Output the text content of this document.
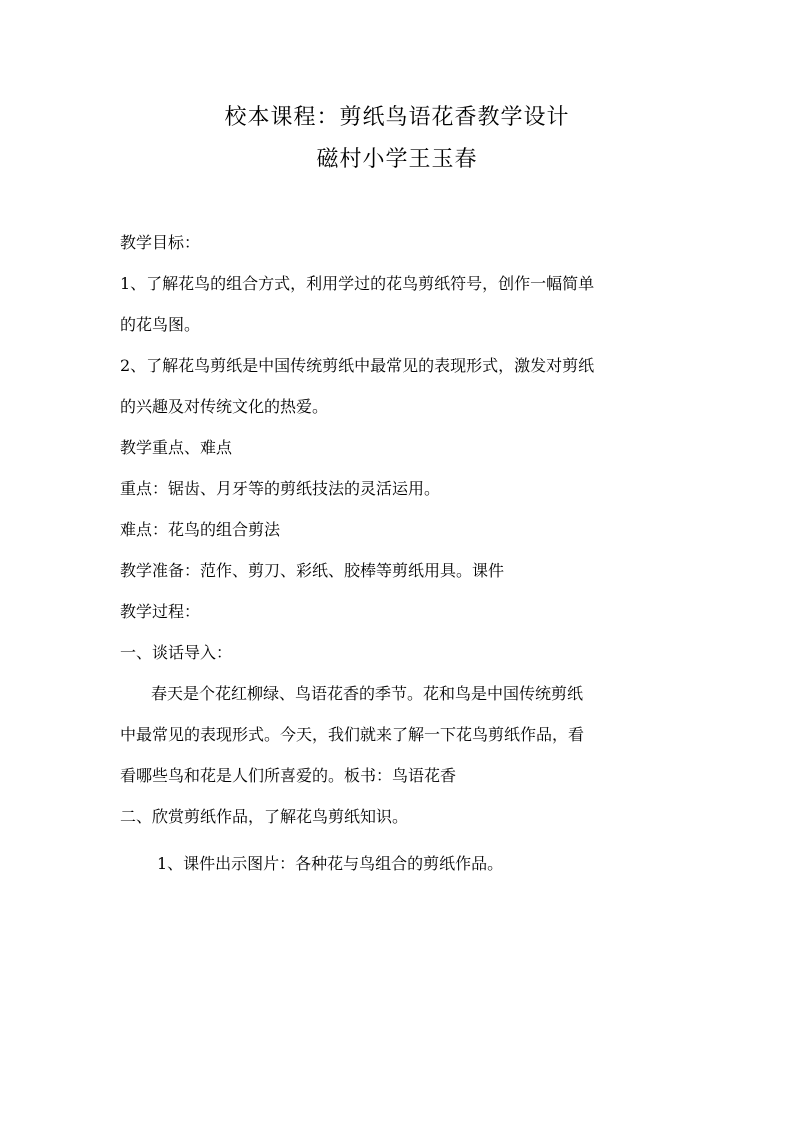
校本课程：剪纸鸟语花香教学设计
磁村小学王玉春
教学目标：
1、了解花鸟的组合方式，利用学过的花鸟剪纸符号，创作一幅简单
的花鸟图。
2、了解花鸟剪纸是中国传统剪纸中最常见的表现形式，激发对剪纸
的兴趣及对传统文化的热爱。
教学重点、难点
重点：锯齿、月牙等的剪纸技法的灵活运用。
难点：花鸟的组合剪法
教学准备：范作、剪刀、彩纸、胶棒等剪纸用具。课件
教学过程：
一、谈话导入：
春天是个花红柳绿、鸟语花香的季节。花和鸟是中国传统剪纸
中最常见的表现形式。今天，我们就来了解一下花鸟剪纸作品，看
看哪些鸟和花是人们所喜爱的。板书：鸟语花香
二、欣赏剪纸作品，了解花鸟剪纸知识。
1、课件出示图片：各种花与鸟组合的剪纸作品。
